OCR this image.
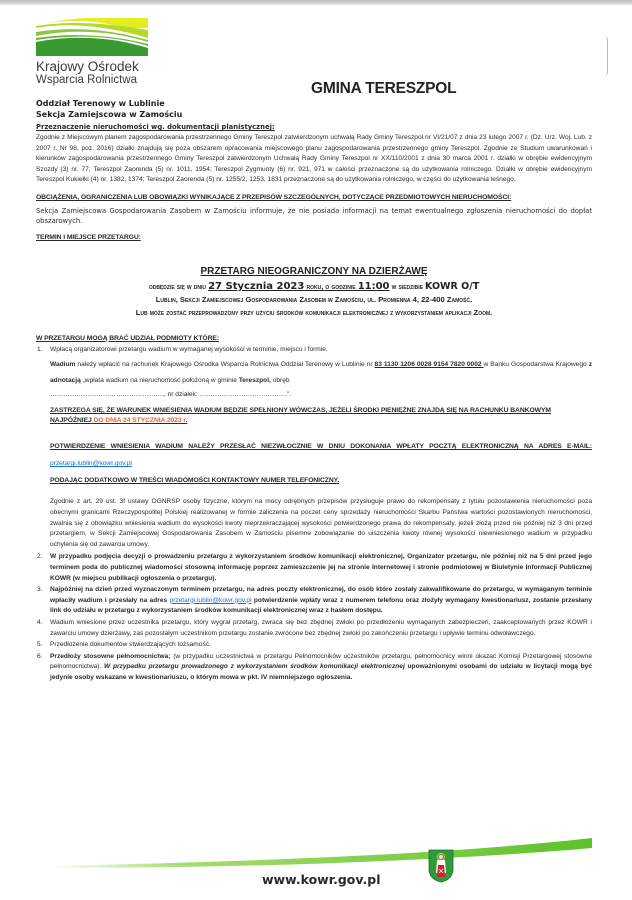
Krajowy Ośrodek
Wsparcia Rolnictwa	GMINA TERESZPOL
Oddział Terenowy w Lublinie
Sekcja Zamiejscowa w Zamościu
Przeznaczenie nieruchomości wg. dokumentacji planistycznej:

Zgodnie z Miejscowym planem zagospodarowania przestrzennego Gminy Tereszpol zatwierdzonym uchwałą Rady Gminy Tereszpol nr VI/21/07 z dnia 23 lutego 2007 r. (Dz. Urz. Woj. Lub. z 2007 r. Nr 98, poz. 2016) działki znajdują się poza obszarem opracowania miejscowego planu zagospodarowania przestrzennego gminy Tereszpol. Zgodnie ze Studium uwarunkowań i kierunków zagospodarowania przestrzennego Gminy Tereszpol zatwierdzonym Uchwałą Rady Gminy Tereszpol nr XX/110/2001 z dnia 30 marca 2001 r. działki w obrębie ewidencyjnym Szozdy (3) nr. 77; Tereszpol Zaorenda (5) nr. 1011, 1954; Tereszpol Zygmunty (6) nr. 921, 971 w całości przeznaczone są do użytkowania rolniczego. Działki w obrębie ewidencyjnym Tereszpol Kukiełki (4) nr. 1382, 1374; Tereszpol Zaorenda (5) nr. 1255/2, 1253, 1831 przeznaczone są do użytkowania rolniczego, w części do użytkowania leśnego.

OBCIĄŻENIA, OGRANICZENIA LUB OBOWIĄZKI WYNIKAJĄCE Z PRZEPISÓW SZCZEGÓLNYCH, DOTYCZĄCE PRZEDMIOTOWYCH NIERUCHOMOŚCI:

Sekcja Zamiejscowa Gospodarowania Zasobem w Zamościu informuje, że nie posiada informacji na temat ewentualnego zgłoszenia nieruchomości do dopłat obszarowych.

TERMIN I MIEJSCE PRZETARGU:
PRZETARG NIEOGRANICZONY NA DZIERŻAWĘ
odbędzie się w dniu 27 Stycznia 2023 roku, o godzinie 11:00 w siedzibie KOWR O/T
Lublin, Sekcji Zamiejscowej Gospodarowania Zasobem w Zamościu, ul. Promienna 4, 22-400 Zamość.
Lub może zostać przeprowadzony przy użyciu środków komunikacji elektronicznej z wykorzystaniem aplikacji Zoom.
W PRZETARGU MOGĄ BRAĆ UDZIAŁ PODMIOTY KTÓRE:
1. Wpłacą organizatorowi przetargu wadium w wymaganej wysokości w terminie, miejscu i formie.

Wadium należy wpłacić na rachunek Krajowego Ośrodka Wsparcia Rolnictwa Oddział Terenowy w Lublinie nr 83 1130 1206 0028 9154 7820 0002 w Banku Gospodarstwa Krajowego z adnotacją „wpłata wadium na nieruchomość położoną w gminie Tereszpol, obręb

……………………………………………., nr działek: ………………………………….”.

ZASTRZEGA SIĘ, ŻE WARUNEK WNIESIENIA WADIUM BĘDZIE SPEŁNIONY WÓWCZAS, JEŻELI ŚRODKI PIENIĘŻNE ZNAJDĄ SIĘ NA RACHUNKU BANKOWYM NAJPÓŹNIEJ DO DNIA 24 STYCZNIA 2023 r.

POTWIERDZENIE WNIESIENIA WADIUM NALEŻY PRZESŁAĆ NIEZWŁOCZNIE W DNIU DOKONANIA WPŁATY POCZTĄ ELEKTRONICZNĄ NA ADRES E-MAIL: przetargi.lublin@kowr.gov.pl

PODAJĄC DODATKOWO W TREŚCI WIADOMOŚCI KONTAKTOWY NUMER TELEFONICZNY.

Zgodnie z art. 29 ust. 3f ustawy OGNRSP osoby fizyczne, którym na mocy odrębnych przepisów przysługuje prawo do rekompensaty z tytułu pozostawienia nieruchomości poza obecnymi granicami Rzeczypospolitej Polskiej realizowanej w formie zaliczenia na poczet ceny sprzedaży nieruchomości Skarbu Państwa wartości pozostawionych nieruchomości, zwalnia się z obowiązku wniesienia wadium do wysokości kwoty nieprzekraczającej wysokości potwierdzonego prawa do rekompensaty, jeżeli złożą przed nie później niż 3 dni przed przetargiem, w Sekcji Zamiejscowej Gospodarowania Zasobem w Zamościu pisemne zobowiązanie do uiszczenia kwoty równej wysokości niewniesionego wadium w przypadku uchylenia się od zawarcia umowy.

2. W przypadku podjęcia decyzji o prowadzeniu przetargu z wykorzystaniem środków komunikacji elektronicznej, Organizator przetargu, nie później niż na 5 dni przed jego terminem poda do publicznej wiadomości stosowną informację poprzez zamieszczenie jej na stronie Internetowej i stronie podmiotowej w Biuletynie Informacji Publicznej KOWR (w miejscu publikacji ogłoszenia o przetargu).

3. Najpóźniej na dzień przed wyznaczonym terminem przetargu, na adres poczty elektronicznej, do osób które zostały zakwalifikowane do przetargu, w wymaganym terminie wpłaciły wadium i przesłały na adres przetargi.lublin@kowr.gov.pl potwierdzenie wpłaty wraz z numerem telefonu oraz złożyły wymagany kwestionariusz, zostanie przesłany link do udziału w przetargu z wykorzystaniem środków komunikacji elektronicznej wraz z hasłem dostępu.

4. Wadium wniesione przez uczestnika przetargu, który wygrał przetarg, zwraca się bez zbędnej zwłoki po przedłożeniu wymaganych zabezpieczeń, zaakceptowanych przez KOWR i zawarciu umowy dzierżawy, zaś pozostałym uczestnikom przetargu zostanie zwrócone bez zbędnej zwłoki po zakończeniu przetargu i upływie terminu odwoławczego.

5. Przedłożenie dokumentów stwierdzających tożsamość.

6. Przedłoży stosowne pełnomocnictwa; (w przypadku uczestnictwa w przetargu Pełnomocników uczestników przetargu, pełnomocnicy winni okazać Komisji Przetargowej stosowne pełnomocnictwa). W przypadku przetargu prowadzonego z wykorzystaniem środków komunikacji elektronicznej upoważnionymi osobami do udziału w licytacji mogą być jedynie osoby wskazane w kwestionariuszu, o którym mowa w pkt. IV niemniejszego ogłoszenia.

www.kowr.gov.pl
